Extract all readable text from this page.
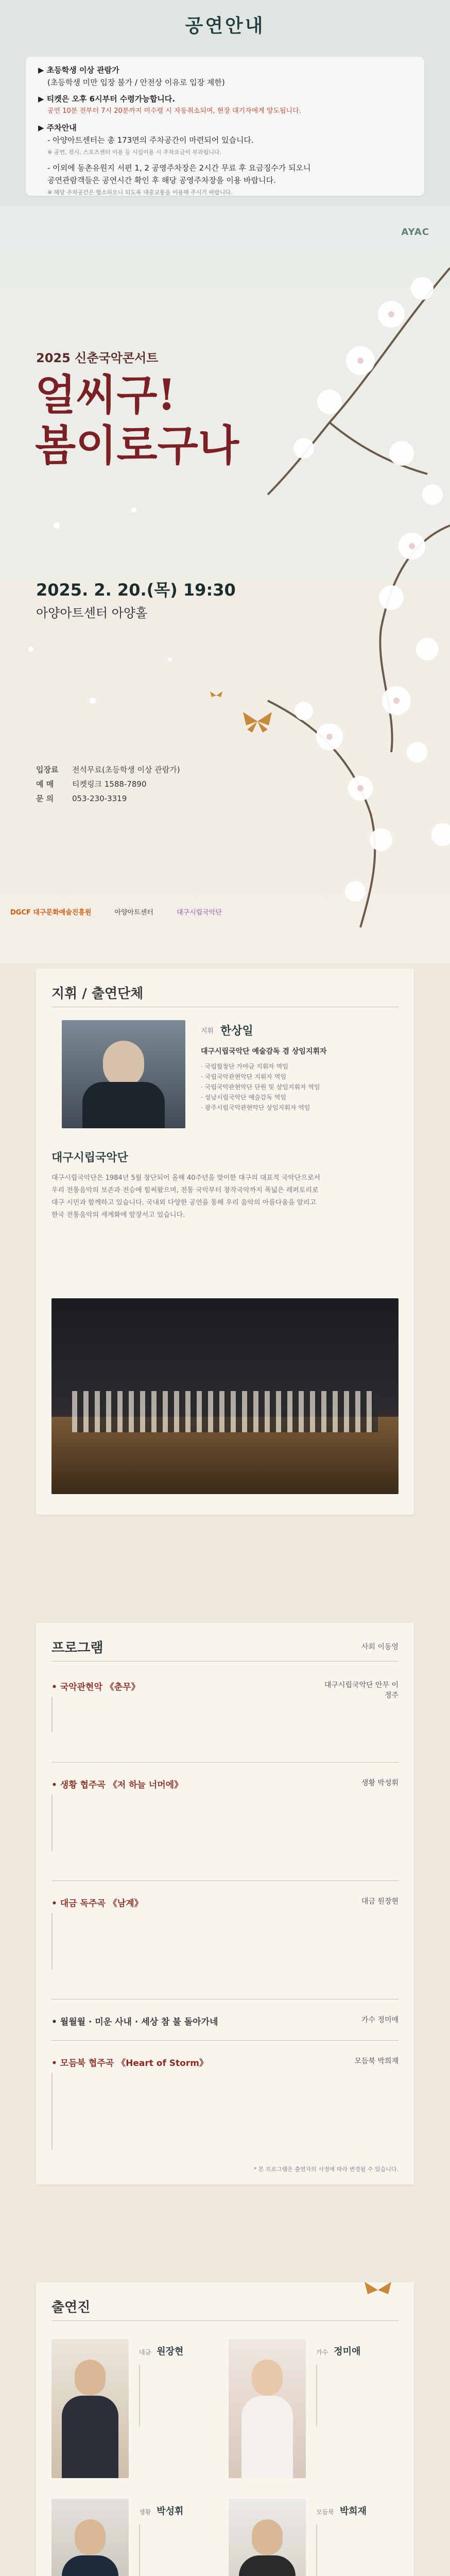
공연안내
▶ 초등학생 이상 관람가
(초등학생 미만 입장 불가 / 안전상 이유로 입장 제한)
▶ 티켓은 오후 6시부터 수령가능합니다.
공연 10분 전부터 7시 20분까지 미수령 시 자동취소되며, 현장 대기자에게 양도됩니다.
▶ 주차안내
- 아양아트센터는 총 173면의 주차공간이 마련되어 있습니다.
※ 공연, 전시, 스포츠센터 이용 등 시설이용 시 주차요금이 부과됩니다.
- 이외에 동촌유원지 서편 1, 2 공영주차장은 2시간 무료 후 요금징수가 되오니
공연관람객들은 공연시간 확인 후 해당 공영주차장을 이용 바랍니다.
※ 해당 주차공간은 협소하오니 되도록 대중교통을 이용해 주시기 바랍니다.
AYAC
2025 신춘국악콘서트
얼씨구!
봄이로구나
2025. 2. 20.(목) 19:30
아양아트센터 아양홀
입장료 전석무료(초등학생 이상 관람가)
예 매 티켓링크 1588-7890
문 의 053-230-3319
DGCF 대구문화예술진흥원	아양아트센터	대구시립국악단
지휘 / 출연단체
지휘 한상일
대구시립국악단 예술감독 겸 상임지휘자
· 국립합창단 가야금 지휘자 역임
· 국립국악관현악단 지휘자 역임
· 국립국악관현악단 단원 및 상임지휘자 역임
· 성남시립국악단 예술감독 역임
· 광주시립국악관현악단 상임지휘자 역임
대구시립국악단
대구시립국악단은 1984년 5월 창단되어 올해 40주년을 맞이한 대구의 대표적 국악단으로서
우리 전통음악의 보존과 전승에 힘써왔으며, 전통 국악부터 창작국악까지 폭넓은 레퍼토리로
대구 시민과 함께하고 있습니다. 국내외 다양한 공연을 통해 우리 음악의 아름다움을 알리고
한국 전통음악의 세계화에 앞장서고 있습니다.
프로그램	사회 이동영
• 국악관현악 《춘무》	대구시립국악단 안무 이정주
• 생황 협주곡 《저 하늘 너머에》	생황 박성휘
• 대금 독주곡 《남계》	대금 원장현
• 월월월 · 미운 사내 · 세상 참 불 돌아가네	가수 정미애
• 모듬북 협주곡 《Heart of Storm》	모듬북 박희재
* 본 프로그램은 출연자의 사정에 따라 변경될 수 있습니다.
출연진
대금 원장현	가수 정미애
생황 박성휘	모듬북 박희재
